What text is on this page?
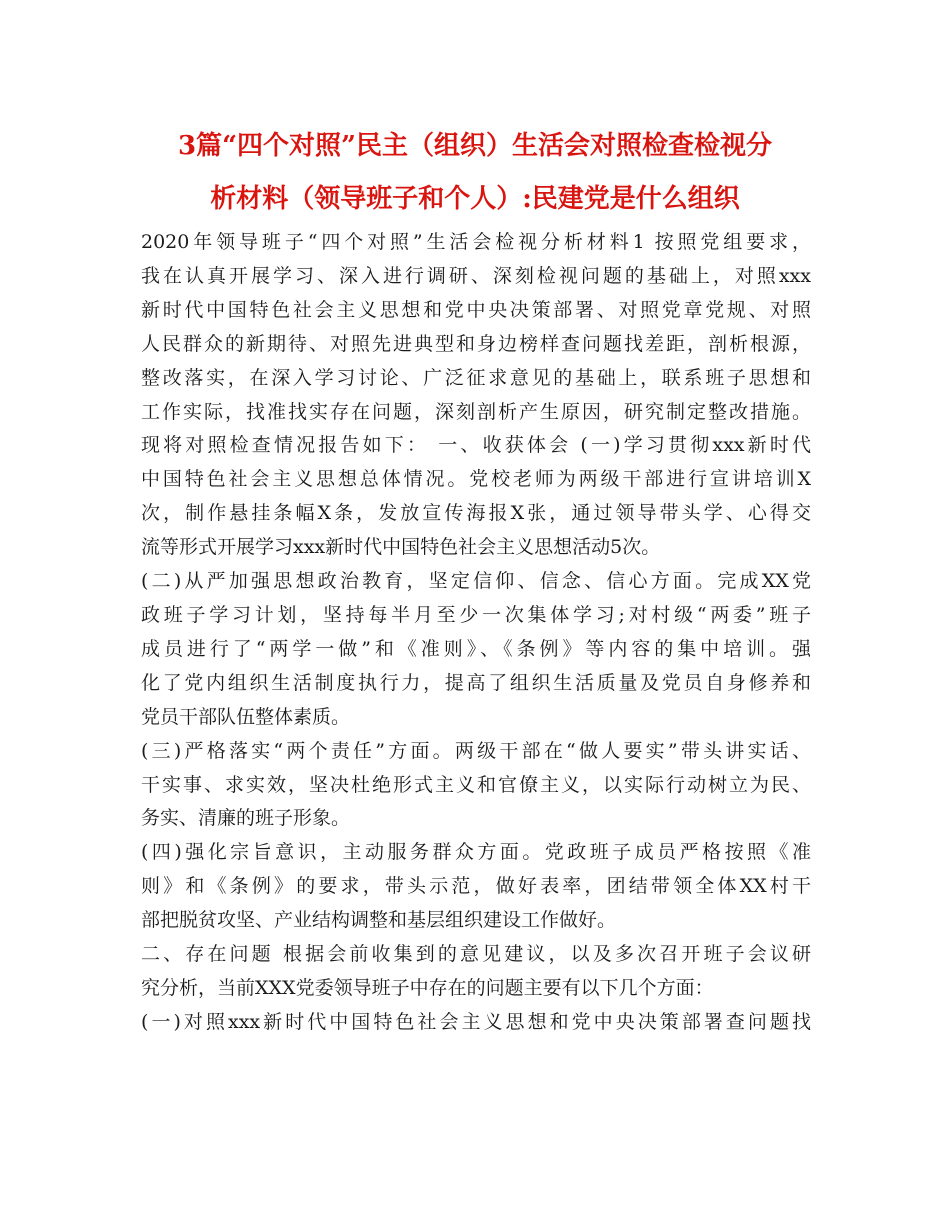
3篇“四个对照”民主（组织）生活会对照检查检视分
析材料（领导班子和个人）:民建党是什么组织
2020年领导班子“四个对照”生活会检视分析材料1 按照党组要求，
我在认真开展学习、深入进行调研、深刻检视问题的基础上，对照xxx
新时代中国特色社会主义思想和党中央决策部署、对照党章党规、对照
人民群众的新期待、对照先进典型和身边榜样查问题找差距，剖析根源，
整改落实，在深入学习讨论、广泛征求意见的基础上，联系班子思想和
工作实际，找准找实存在问题，深刻剖析产生原因，研究制定整改措施。
现将对照检查情况报告如下： 一、收获体会 (一)学习贯彻xxx新时代
中国特色社会主义思想总体情况。党校老师为两级干部进行宣讲培训X
次，制作悬挂条幅X条，发放宣传海报X张，通过领导带头学、心得交
流等形式开展学习xxx新时代中国特色社会主义思想活动5次。
(二)从严加强思想政治教育，坚定信仰、信念、信心方面。完成XX党
政班子学习计划，坚持每半月至少一次集体学习;对村级“两委”班子
成员进行了“两学一做”和《准则》、《条例》等内容的集中培训。强
化了党内组织生活制度执行力，提高了组织生活质量及党员自身修养和
党员干部队伍整体素质。
(三)严格落实“两个责任”方面。两级干部在“做人要实”带头讲实话、
干实事、求实效，坚决杜绝形式主义和官僚主义，以实际行动树立为民、
务实、清廉的班子形象。
(四)强化宗旨意识，主动服务群众方面。党政班子成员严格按照《准
则》和《条例》的要求，带头示范，做好表率，团结带领全体XX村干
部把脱贫攻坚、产业结构调整和基层组织建设工作做好。
二、存在问题 根据会前收集到的意见建议，以及多次召开班子会议研
究分析，当前XXX党委领导班子中存在的问题主要有以下几个方面：
(一)对照xxx新时代中国特色社会主义思想和党中央决策部署查问题找
